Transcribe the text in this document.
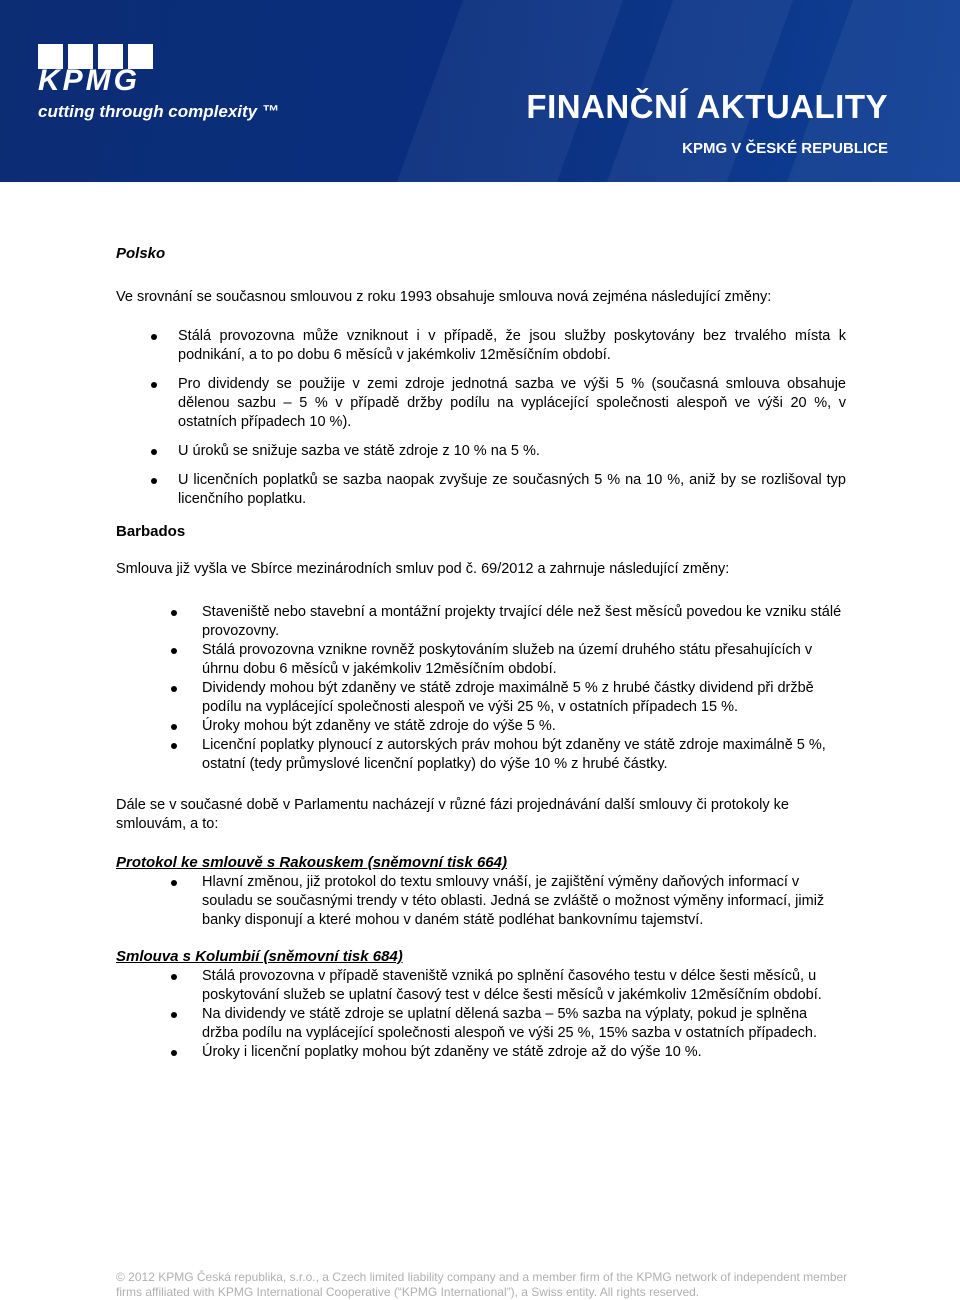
KPMG
cutting through complexity ™	FINANČNÍ AKTUALITY
KPMG V ČESKÉ REPUBLICE

Polsko

Ve srovnání se současnou smlouvou z roku 1993 obsahuje smlouva nová zejména následující změny:

Stálá provozovna může vzniknout i v případě, že jsou služby poskytovány bez trvalého místa k podnikání, a to po dobu 6 měsíců v jakémkoliv 12měsíčním období.
Pro dividendy se použije v zemi zdroje jednotná sazba ve výši 5 % (současná smlouva obsahuje dělenou sazbu – 5 % v případě držby podílu na vyplácející společnosti alespoň ve výši 20 %, v ostatních případech 10 %).
U úroků se snižuje sazba ve státě zdroje z 10 % na 5 %.
U licenčních poplatků se sazba naopak zvyšuje ze současných 5 % na 10 %, aniž by se rozlišoval typ licenčního poplatku.

Barbados

Smlouva již vyšla ve Sbírce mezinárodních smluv pod č. 69/2012 a zahrnuje následující změny:

Staveniště nebo stavební a montážní projekty trvající déle než šest měsíců povedou ke vzniku stálé provozovny.
Stálá provozovna vznikne rovněž poskytováním služeb na území druhého státu přesahujících v úhrnu dobu 6 měsíců v jakémkoliv 12měsíčním období.
Dividendy mohou být zdaněny ve státě zdroje maximálně 5 % z hrubé částky dividend při držbě podílu na vyplácející společnosti alespoň ve výši 25 %, v ostatních případech 15 %.
Úroky mohou být zdaněny ve státě zdroje do výše 5 %.
Licenční poplatky plynoucí z autorských práv mohou být zdaněny ve státě zdroje maximálně 5 %, ostatní (tedy průmyslové licenční poplatky) do výše 10 % z hrubé částky.

Dále se v současné době v Parlamentu nacházejí v různé fázi projednávání další smlouvy či protokoly ke smlouvám, a to:

Protokol ke smlouvě s Rakouskem (sněmovní tisk 664)

Hlavní změnou, již protokol do textu smlouvy vnáší, je zajištění výměny daňových informací v souladu se současnými trendy v této oblasti. Jedná se zvláště o možnost výměny informací, jimiž banky disponují a které mohou v daném státě podléhat bankovnímu tajemství.

Smlouva s Kolumbií (sněmovní tisk 684)

Stálá provozovna v případě staveniště vzniká po splnění časového testu v délce šesti měsíců, u poskytování služeb se uplatní časový test v délce šesti měsíců v jakémkoliv 12měsíčním období.
Na dividendy ve státě zdroje se uplatní dělená sazba – 5% sazba na výplaty, pokud je splněna držba podílu na vyplácející společnosti alespoň ve výši 25 %, 15% sazba v ostatních případech.
Úroky i licenční poplatky mohou být zdaněny ve státě zdroje až do výše 10 %.
© 2012 KPMG Česká republika, s.r.o., a Czech limited liability company and a member firm of the KPMG network of independent member firms affiliated with KPMG International Cooperative (“KPMG International”), a Swiss entity. All rights reserved.
